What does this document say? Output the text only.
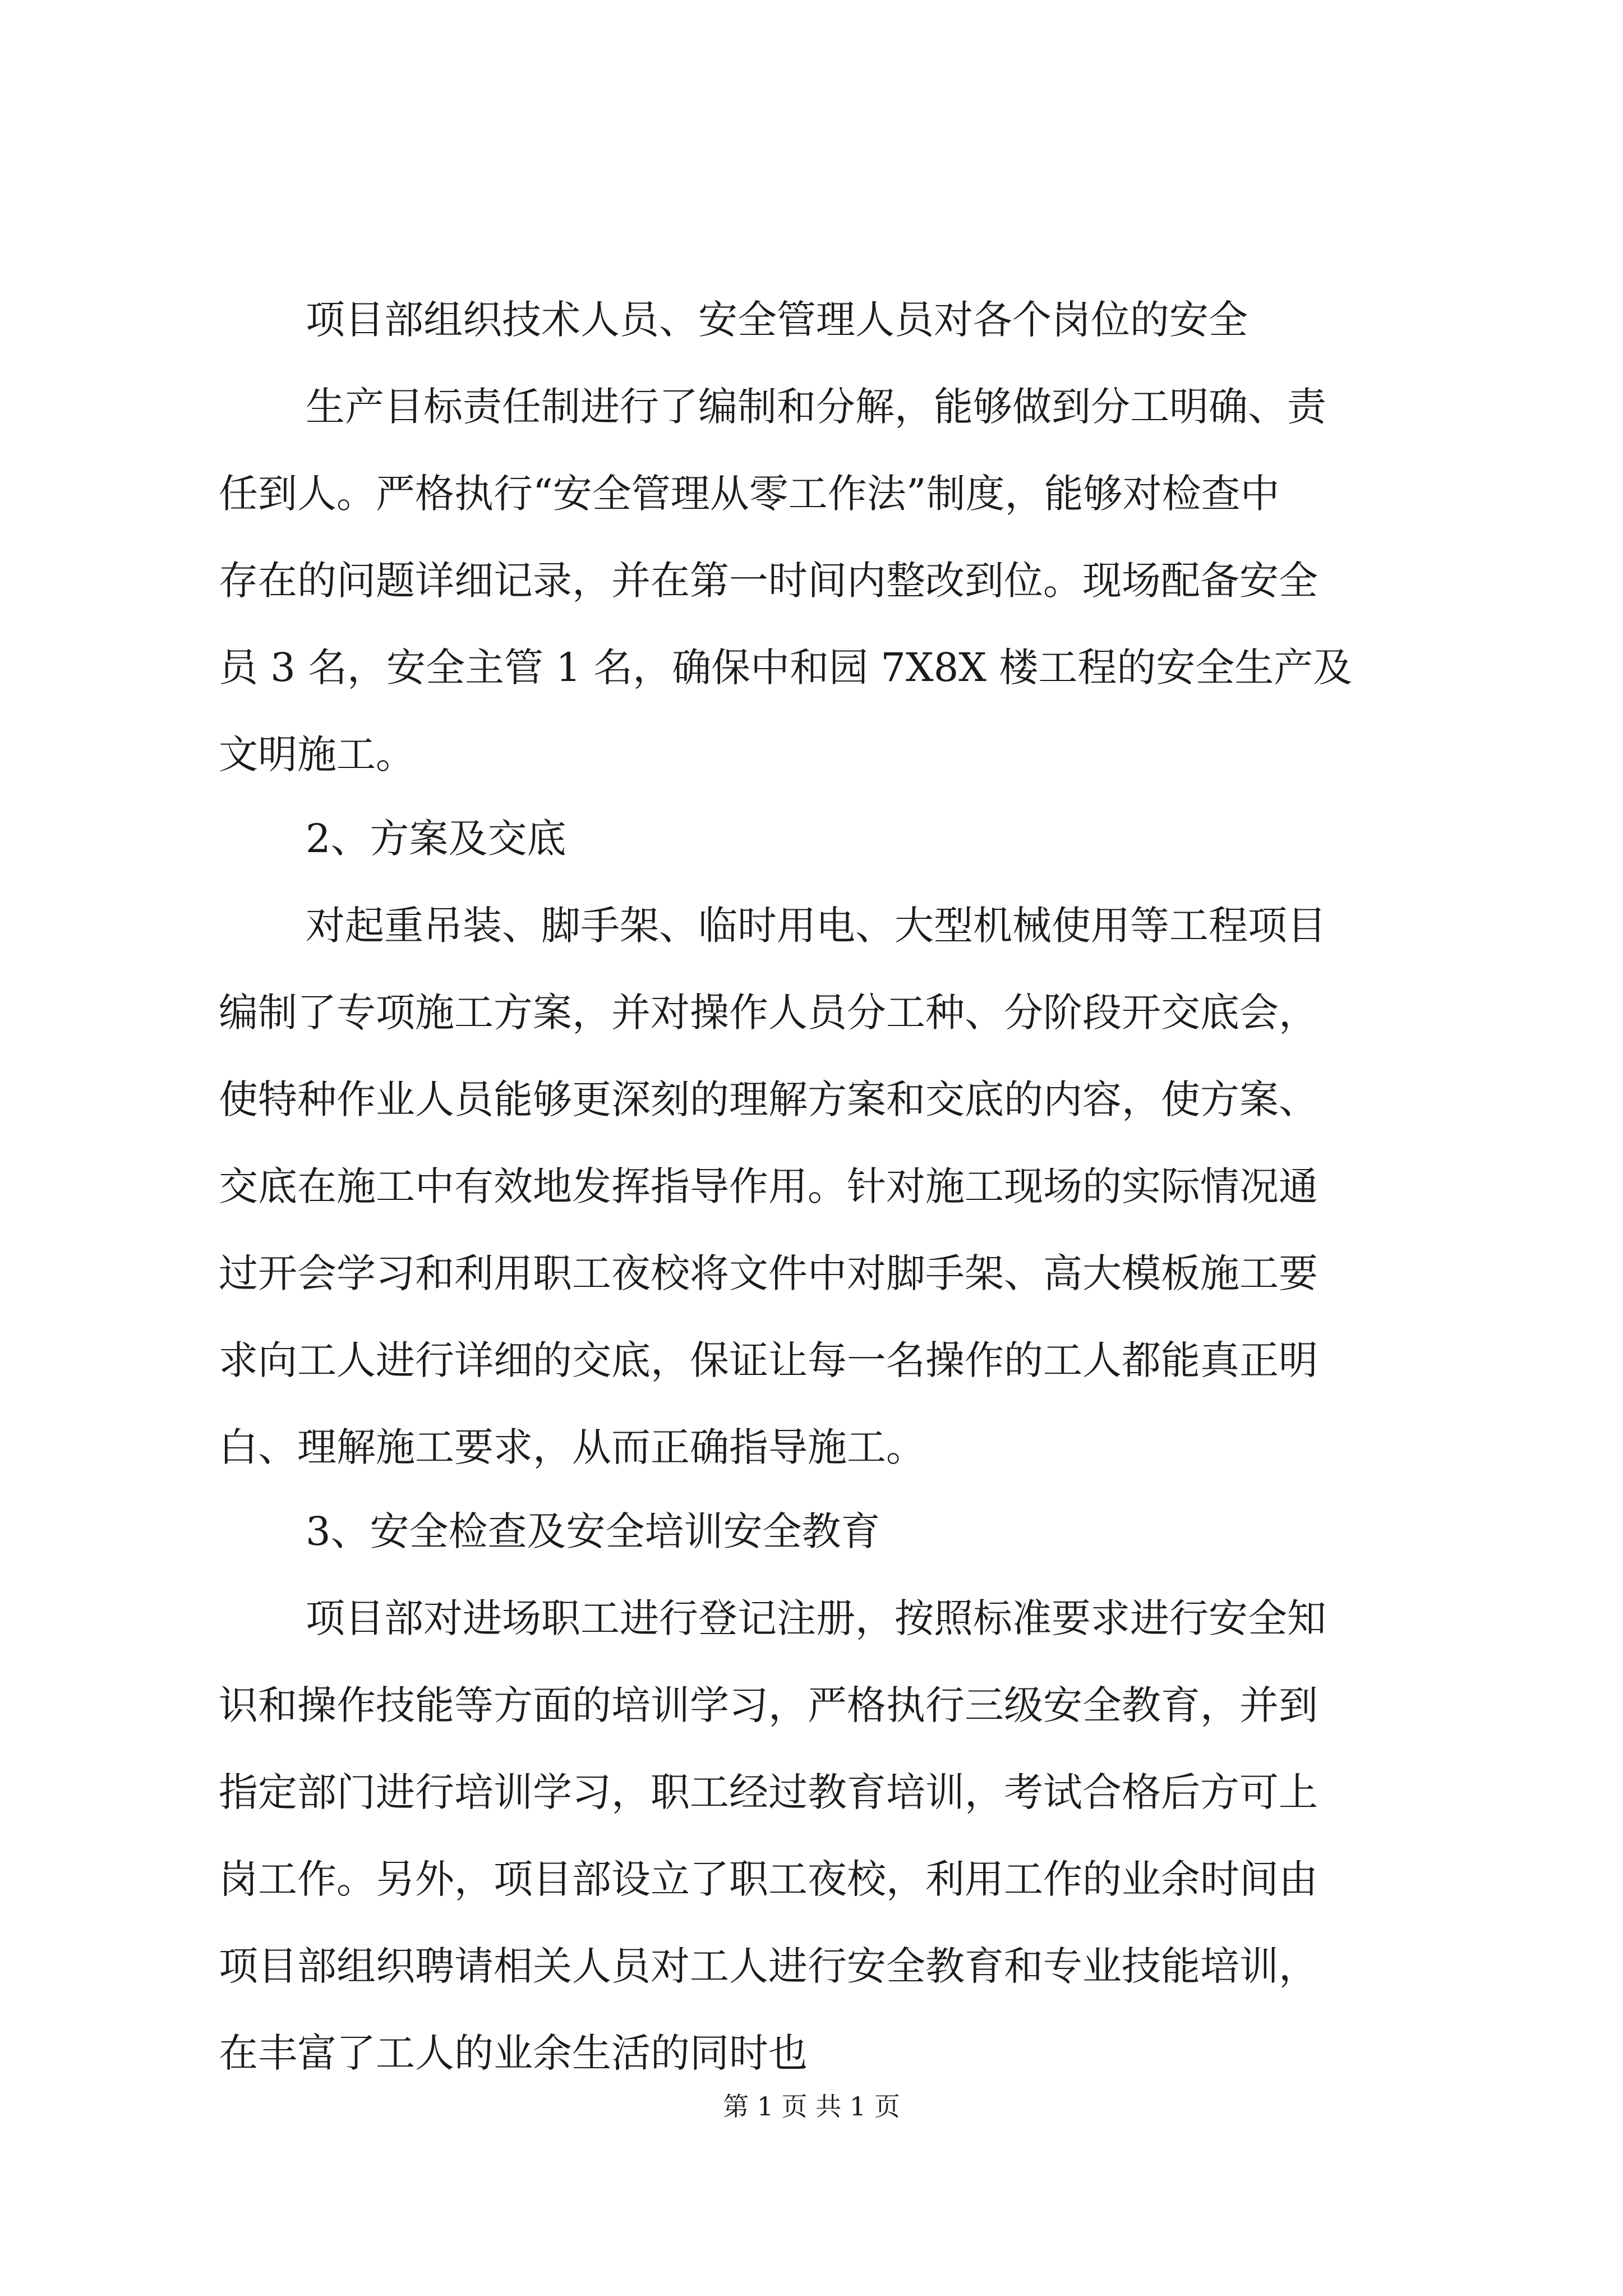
项目部组织技术人员、安全管理人员对各个岗位的安全
生产目标责任制进行了编制和分解，能够做到分工明确、责
任到人。严格执行“安全管理从零工作法”制度，能够对检查中
存在的问题详细记录，并在第一时间内整改到位。现场配备安全
员 3 名，安全主管 1 名，确保中和园 7X8X 楼工程的安全生产及
文明施工。
2、方案及交底
对起重吊装、脚手架、临时用电、大型机械使用等工程项目
编制了专项施工方案，并对操作人员分工种、分阶段开交底会，
使特种作业人员能够更深刻的理解方案和交底的内容，使方案、
交底在施工中有效地发挥指导作用。针对施工现场的实际情况通
过开会学习和利用职工夜校将文件中对脚手架、高大模板施工要
求向工人进行详细的交底，保证让每一名操作的工人都能真正明
白、理解施工要求，从而正确指导施工。
3、安全检查及安全培训安全教育
项目部对进场职工进行登记注册，按照标准要求进行安全知
识和操作技能等方面的培训学习，严格执行三级安全教育，并到
指定部门进行培训学习，职工经过教育培训，考试合格后方可上
岗工作。另外，项目部设立了职工夜校，利用工作的业余时间由
项目部组织聘请相关人员对工人进行安全教育和专业技能培训，
在丰富了工人的业余生活的同时也
第 1 页 共 1 页
